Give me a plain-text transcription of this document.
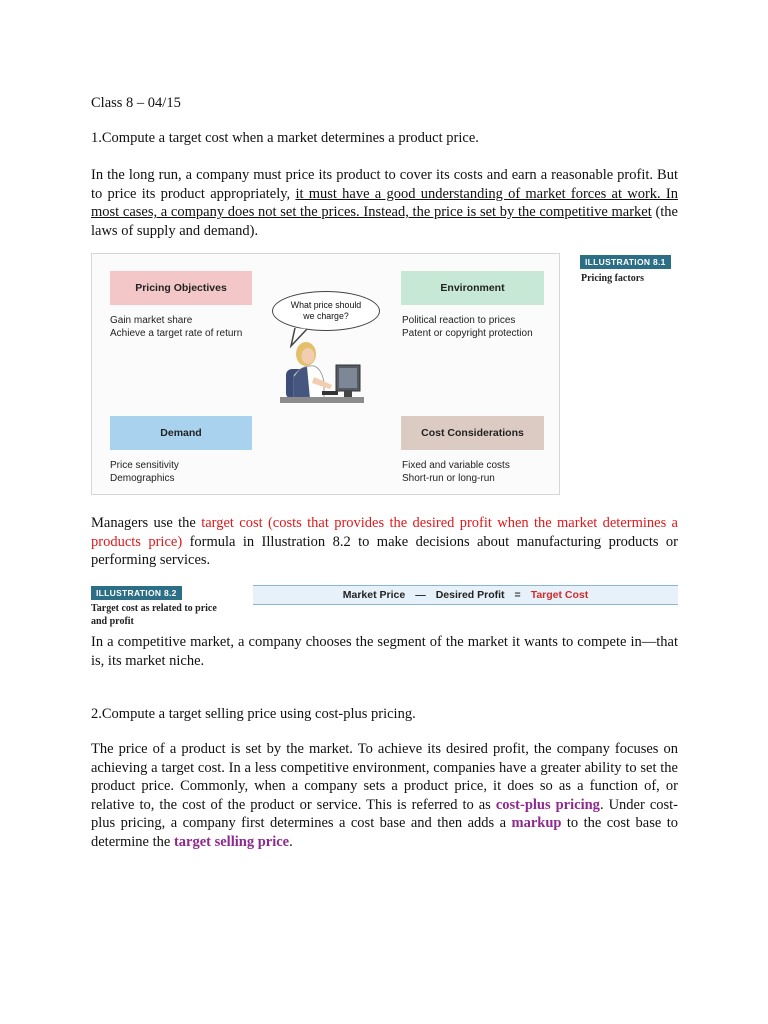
Class 8 – 04/15

1.Compute a target cost when a market determines a product price.

In the long run, a company must price its product to cover its costs and earn a reasonable profit. But to price its product appropriately, it must have a good understanding of market forces at work. In most cases, a company does not set the prices. Instead, the price is set by the competitive market (the laws of supply and demand).

Pricing Objectives
Gain market share
Achieve a target rate of return
Environment
Political reaction to prices
Patent or copyright protection
Demand
Price sensitivity
Demographics
Cost Considerations
Fixed and variable costs
Short-run or long-run
What price should
we charge?
ILLUSTRATION 8.1
Pricing factors

Managers use the target cost (costs that provides the desired profit when the market determines a products price) formula in Illustration 8.2 to make decisions about manufacturing products or performing services.

ILLUSTRATION 8.2
Target cost as related to price
and profit
Market Price — Desired Profit = Target Cost

In a competitive market, a company chooses the segment of the market it wants to compete in—that is, its market niche.

2.Compute a target selling price using cost-plus pricing.

The price of a product is set by the market. To achieve its desired profit, the company focuses on achieving a target cost. In a less competitive environment, companies have a greater ability to set the product price. Commonly, when a company sets a product price, it does so as a function of, or relative to, the cost of the product or service. This is referred to as cost-plus pricing. Under cost-plus pricing, a company first determines a cost base and then adds a markup to the cost base to determine the target selling price.
